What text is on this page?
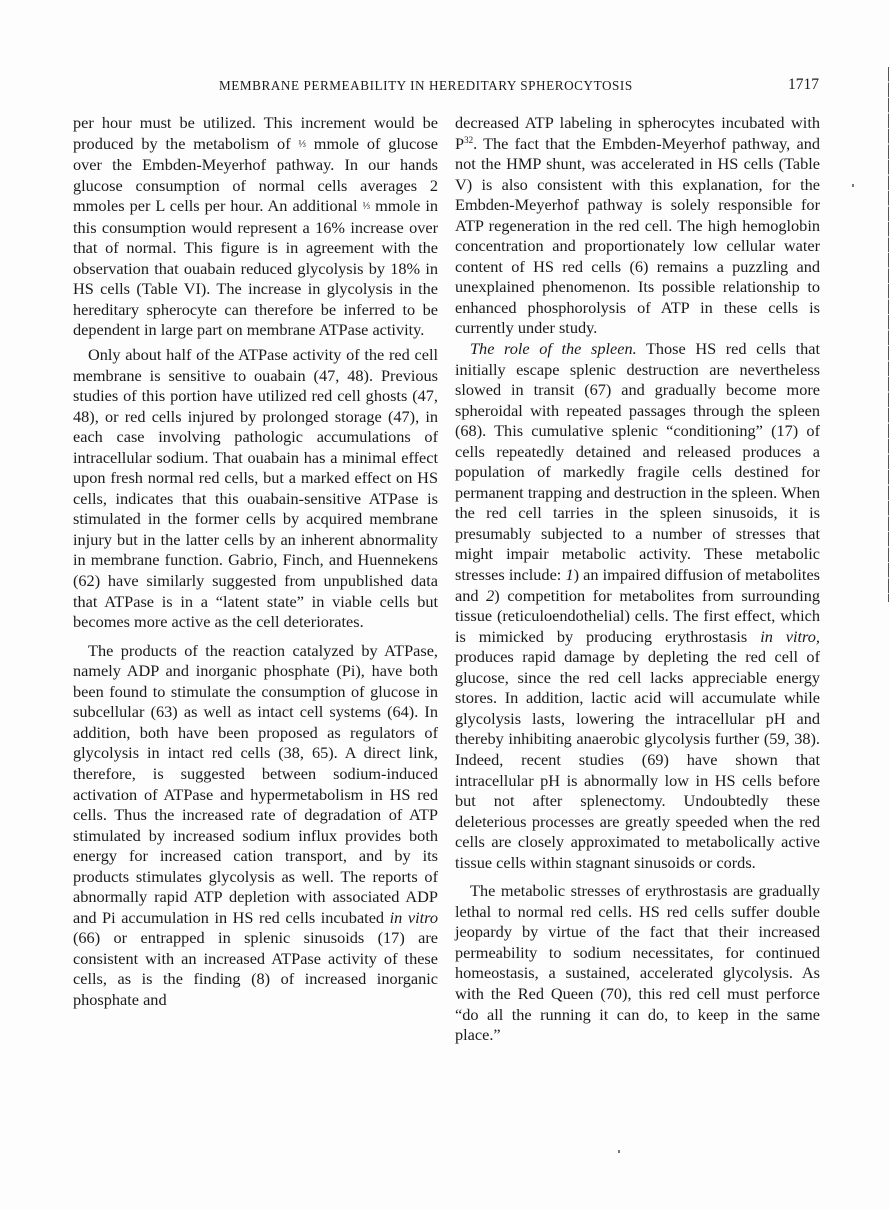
MEMBRANE PERMEABILITY IN HEREDITARY SPHEROCYTOSIS	1717

per hour must be utilized. This increment would be produced by the metabolism of ⅓ mmole of glucose over the Embden-Meyerhof pathway. In our hands glucose consumption of normal cells averages 2 mmoles per L cells per hour. An additional ⅓ mmole in this consumption would represent a 16% increase over that of normal. This figure is in agreement with the observation that ouabain reduced glycolysis by 18% in HS cells (Table VI). The increase in glycolysis in the hereditary spherocyte can therefore be inferred to be dependent in large part on membrane ATPase activity.

Only about half of the ATPase activity of the red cell membrane is sensitive to ouabain (47, 48). Previous studies of this portion have utilized red cell ghosts (47, 48), or red cells injured by prolonged storage (47), in each case involving pathologic accumulations of intracellular sodium. That ouabain has a minimal effect upon fresh normal red cells, but a marked effect on HS cells, indicates that this ouabain-sensitive ATPase is stimulated in the former cells by acquired membrane injury but in the latter cells by an inherent abnormality in membrane function. Gabrio, Finch, and Huennekens (62) have similarly suggested from unpublished data that ATPase is in a “latent state” in viable cells but becomes more active as the cell deteriorates.

The products of the reaction catalyzed by ATPase, namely ADP and inorganic phosphate (Pi), have both been found to stimulate the consumption of glucose in subcellular (63) as well as intact cell systems (64). In addition, both have been proposed as regulators of glycolysis in intact red cells (38, 65). A direct link, therefore, is suggested between sodium-induced activation of ATPase and hypermetabolism in HS red cells. Thus the increased rate of degradation of ATP stimulated by increased sodium influx provides both energy for increased cation transport, and by its products stimulates glycolysis as well. The reports of abnormally rapid ATP depletion with associated ADP and Pi accumulation in HS red cells incubated in vitro (66) or entrapped in splenic sinusoids (17) are consistent with an increased ATPase activity of these cells, as is the finding (8) of increased inorganic phosphate and

decreased ATP labeling in spherocytes incubated with $P^{32}$. The fact that the Embden-Meyerhof pathway, and not the HMP shunt, was accelerated in HS cells (Table V) is also consistent with this explanation, for the Embden-Meyerhof pathway is solely responsible for ATP regeneration in the red cell. The high hemoglobin concentration and proportionately low cellular water content of HS red cells (6) remains a puzzling and unexplained phenomenon. Its possible relationship to enhanced phosphorolysis of ATP in these cells is currently under study.

The role of the spleen. Those HS red cells that initially escape splenic destruction are nevertheless slowed in transit (67) and gradually become more spheroidal with repeated passages through the spleen (68). This cumulative splenic “conditioning” (17) of cells repeatedly detained and released produces a population of markedly fragile cells destined for permanent trapping and destruction in the spleen. When the red cell tarries in the spleen sinusoids, it is presumably subjected to a number of stresses that might impair metabolic activity. These metabolic stresses include: 1) an impaired diffusion of metabolites and 2) competition for metabolites from surrounding tissue (reticuloendothelial) cells. The first effect, which is mimicked by producing erythrostasis in vitro, produces rapid damage by depleting the red cell of glucose, since the red cell lacks appreciable energy stores. In addition, lactic acid will accumulate while glycolysis lasts, lowering the intracellular pH and thereby inhibiting anaerobic glycolysis further (59, 38). Indeed, recent studies (69) have shown that intracellular pH is abnormally low in HS cells before but not after splenectomy. Undoubtedly these deleterious processes are greatly speeded when the red cells are closely approximated to metabolically active tissue cells within stagnant sinusoids or cords.

The metabolic stresses of erythrostasis are gradually lethal to normal red cells. HS red cells suffer double jeopardy by virtue of the fact that their increased permeability to sodium necessitates, for continued homeostasis, a sustained, accelerated glycolysis. As with the Red Queen (70), this red cell must perforce “do all the running it can do, to keep in the same place.”
